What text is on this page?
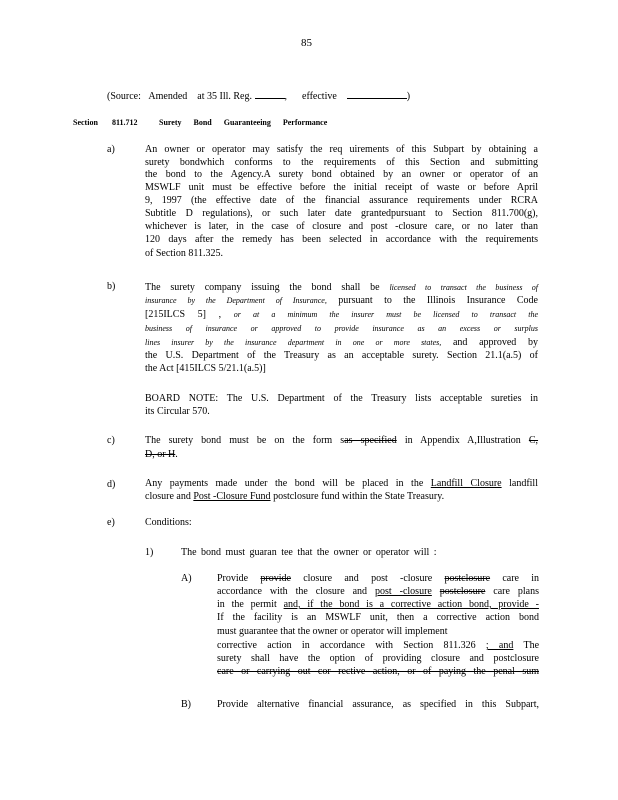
85
(Source: Amended at 35 Ill. Reg.	,      effective	)
Section 811.712	Surety Bond Guaranteeing Performance
a)	An owner or operator may satisfy the req uirements of this Subpart by obtaining a
surety bondwhich conforms to the requirements of this Section and submitting
the bond to the Agency.A surety bond obtained by an owner or operator of an
MSWLF unit must be effective before the initial receipt of waste or before April
9, 1997 (the effective date of the financial assurance requirements under RCRA
Subtitle D regulations), or such later date grantedpursuant to Section 811.700(g),
whichever is later, in the case of closure and post -closure care, or no later than
120 days after the remedy has been selected in accordance with the requirements
of Section 811.325.
b)	The surety company issuing the bond shall be licensed to transact the business of
insurance by the Department of Insurance, pursuant to the Illinois Insurance Code
[215ILCS 5] , or at a minimum the insurer must be licensed to transact the
business of insurance or approved to provide insurance as an excess or surplus
lines insurer by the insurance department in one or more states, and approved by
the U.S. Department of the Treasury as an acceptable surety. Section 21.1(a.5) of
the Act [415ILCS 5/21.1(a.5)]
BOARD NOTE: The U.S. Department of the Treasury lists acceptable sureties in
its Circular 570.
c)	The surety bond must be on the form sas specified in Appendix A,Illustration C,
D, or H.
d)	Any payments made under the bond will be placed in the Landfill Closure landfill
closure and Post -Closure Fund postclosure fund within the State Treasury.
e)	Conditions:
1)	The bond must guaran tee that the owner or operator will :
A)	Provide provide closure and post -closure postclosure care in
accordance with the closure and post -closure postclosure care plans
in the permit and, if the bond is a corrective action bond, provide -
If the facility is an MSWLF unit, then a corrective action bond
must guarantee that the owner or operator will implement
corrective action in accordance with Section 811.326 ; and The
surety shall have the option of providing closure and postclosure
care or carrying out cor rective action, or of paying the penal sum
B)	Provide alternative financial assurance, as specified in this Subpart,
